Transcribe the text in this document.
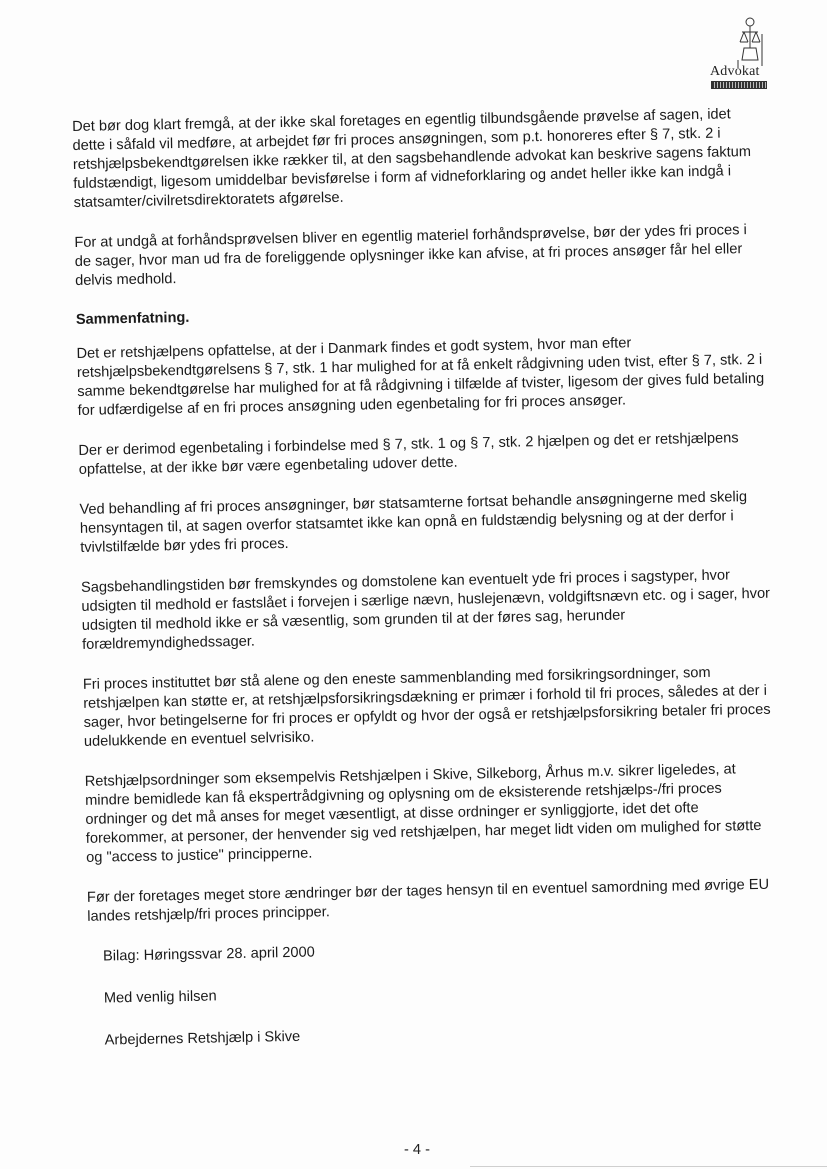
Advokat

Det bør dog klart fremgå, at der ikke skal foretages en egentlig tilbundsgående prøvelse af sagen, idet dette i såfald vil medføre, at arbejdet før fri proces ansøgningen, som p.t. honoreres efter § 7, stk. 2 i retshjælpsbekendtgørelsen ikke rækker til, at den sagsbehandlende advokat kan beskrive sagens faktum fuldstændigt, ligesom umiddelbar bevisførelse i form af vidneforklaring og andet heller ikke kan indgå i statsamter/civilretsdirektoratets afgørelse.

For at undgå at forhåndsprøvelsen bliver en egentlig materiel forhåndsprøvelse, bør der ydes fri proces i de sager, hvor man ud fra de foreliggende oplysninger ikke kan afvise, at fri proces ansøger får hel eller delvis medhold.

Sammenfatning.

Det er retshjælpens opfattelse, at der i Danmark findes et godt system, hvor man efter retshjælpsbekendtgørelsens § 7, stk. 1 har mulighed for at få enkelt rådgivning uden tvist, efter § 7, stk. 2 i samme bekendtgørelse har mulighed for at få rådgivning i tilfælde af tvister, ligesom der gives fuld betaling for udfærdigelse af en fri proces ansøgning uden egenbetaling for fri proces ansøger.

Der er derimod egenbetaling i forbindelse med § 7, stk. 1 og § 7, stk. 2 hjælpen og det er retshjælpens opfattelse, at der ikke bør være egenbetaling udover dette.

Ved behandling af fri proces ansøgninger, bør statsamterne fortsat behandle ansøgningerne med skelig hensyntagen til, at sagen overfor statsamtet ikke kan opnå en fuldstændig belysning og at der derfor i tvivlstilfælde bør ydes fri proces.

Sagsbehandlingstiden bør fremskyndes og domstolene kan eventuelt yde fri proces i sagstyper, hvor udsigten til medhold er fastslået i forvejen i særlige nævn, huslejenævn, voldgiftsnævn etc. og i sager, hvor udsigten til medhold ikke er så væsentlig, som grunden til at der føres sag, herunder forældremyndighedssager.

Fri proces instituttet bør stå alene og den eneste sammenblanding med forsikringsordninger, som retshjælpen kan støtte er, at retshjælpsforsikringsdækning er primær i forhold til fri proces, således at der i sager, hvor betingelserne for fri proces er opfyldt og hvor der også er retshjælpsforsikring betaler fri proces udelukkende en eventuel selvrisiko.

Retshjælpsordninger som eksempelvis Retshjælpen i Skive, Silkeborg, Århus m.v. sikrer ligeledes, at mindre bemidlede kan få ekspertrådgivning og oplysning om de eksisterende retshjælps-/fri proces ordninger og det må anses for meget væsentligt, at disse ordninger er synliggjorte, idet det ofte forekommer, at personer, der henvender sig ved retshjælpen, har meget lidt viden om mulighed for støtte og "access to justice" principperne.

Før der foretages meget store ændringer bør der tages hensyn til en eventuel samordning med øvrige EU landes retshjælp/fri proces principper.

Bilag: Høringssvar 28. april 2000
Med venlig hilsen
Arbejdernes Retshjælp i Skive
- 4 -
